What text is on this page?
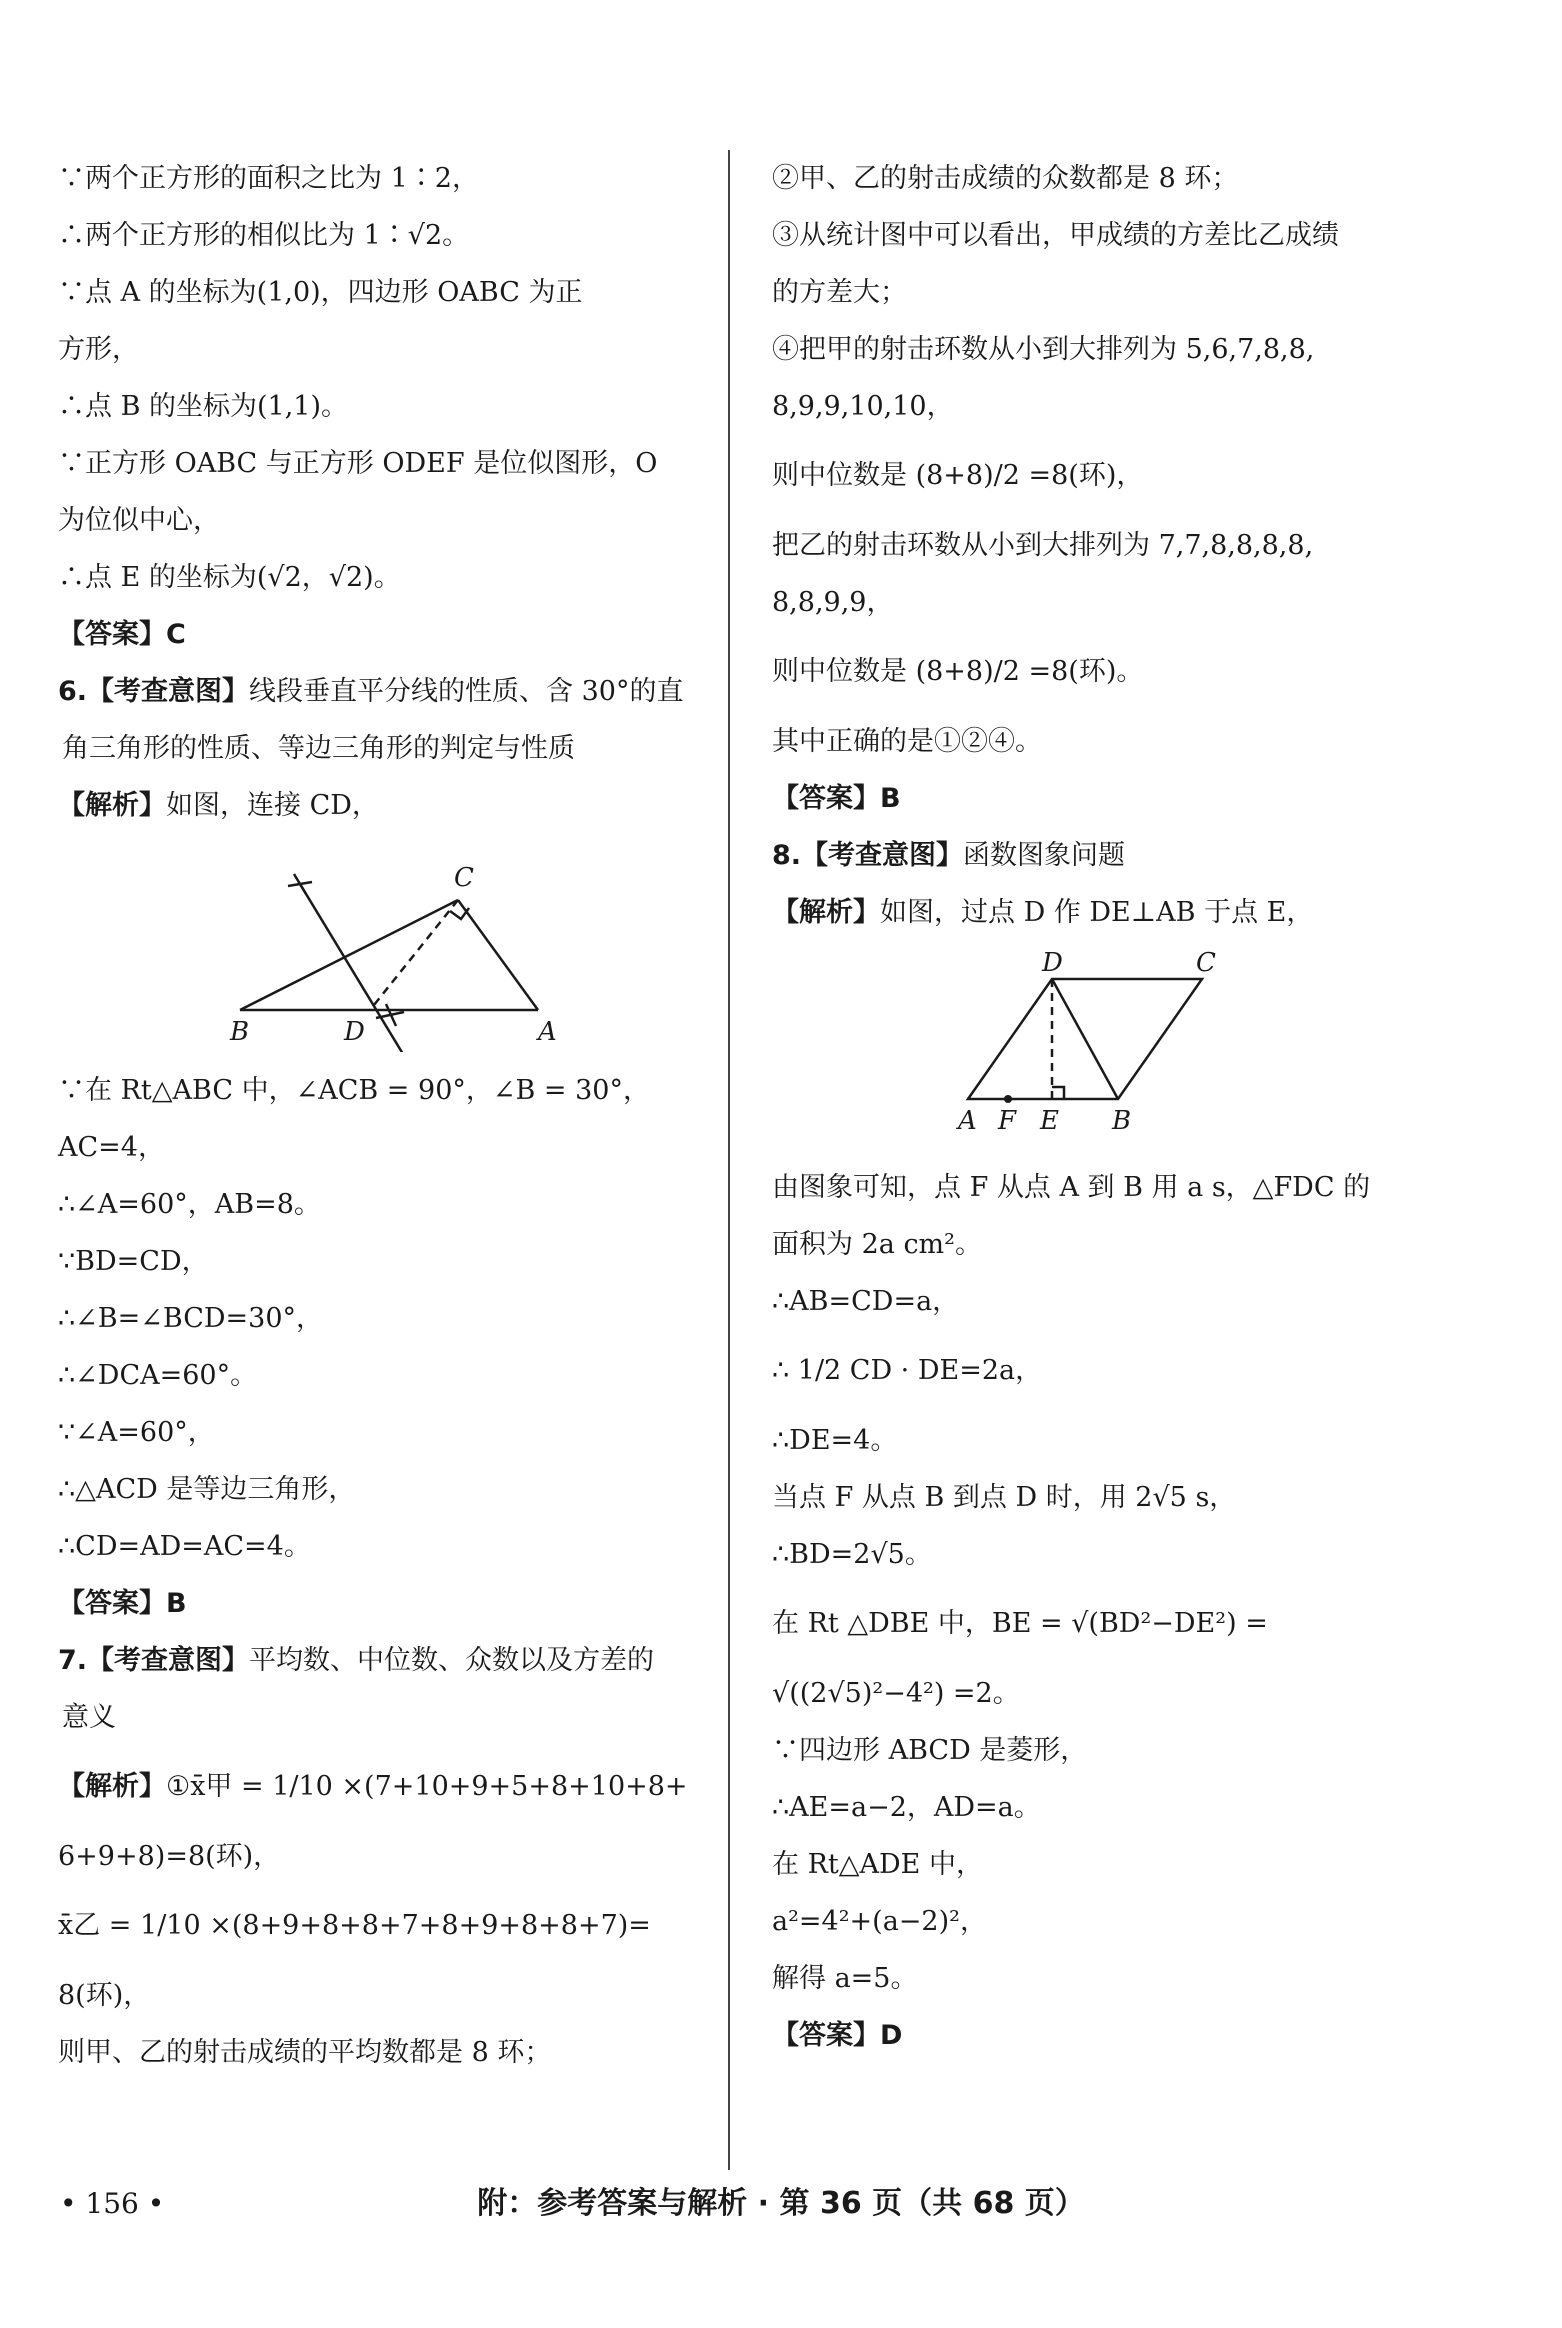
∵两个正方形的面积之比为 1∶2，
∴两个正方形的相似比为 1∶√2。
∵点 A 的坐标为(1,0)，四边形 OABC 为正
方形，
∴点 B 的坐标为(1,1)。
∵正方形 OABC 与正方形 ODEF 是位似图形，O
为位似中心，
∴点 E 的坐标为(√2，√2)。
【答案】C
6.【考查意图】线段垂直平分线的性质、含 30°的直
角三角形的性质、等边三角形的判定与性质
【解析】如图，连接 CD，
C
B	D	A
∵在 Rt△ABC 中，∠ACB = 90°，∠B = 30°，
AC=4，
∴∠A=60°，AB=8。
∵BD=CD，
∴∠B=∠BCD=30°，
∴∠DCA=60°。
∵∠A=60°，
∴△ACD 是等边三角形，
∴CD=AD=AC=4。
【答案】B
7.【考查意图】平均数、中位数、众数以及方差的
意义
【解析】①x̄甲 = 1/10 ×(7+10+9+5+8+10+8+
6+9+8)=8(环)，
x̄乙 = 1/10 ×(8+9+8+8+7+8+9+8+8+7)=
8(环)，
则甲、乙的射击成绩的平均数都是 8 环；
②甲、乙的射击成绩的众数都是 8 环；
③从统计图中可以看出，甲成绩的方差比乙成绩
的方差大；
④把甲的射击环数从小到大排列为 5,6,7,8,8,
8,9,9,10,10，
则中位数是 (8+8)/2 =8(环)，
把乙的射击环数从小到大排列为 7,7,8,8,8,8,
8,8,9,9，
则中位数是 (8+8)/2 =8(环)。
其中正确的是①②④。
【答案】B
8.【考查意图】函数图象问题
【解析】如图，过点 D 作 DE⊥AB 于点 E，
D	C
A F E B
由图象可知，点 F 从点 A 到 B 用 a s，△FDC 的
面积为 2a cm²。
∴AB=CD=a，
∴ 1/2 CD · DE=2a，
∴DE=4。
当点 F 从点 B 到点 D 时，用 2√5 s，
∴BD=2√5。
在 Rt △DBE 中，BE = √(BD²−DE²) =
√((2√5)²−4²) =2。
∵四边形 ABCD 是菱形，
∴AE=a−2，AD=a。
在 Rt△ADE 中，
a²=4²+(a−2)²，
解得 a=5。
【答案】D
• 156 •	附：参考答案与解析 · 第 36 页（共 68 页）
